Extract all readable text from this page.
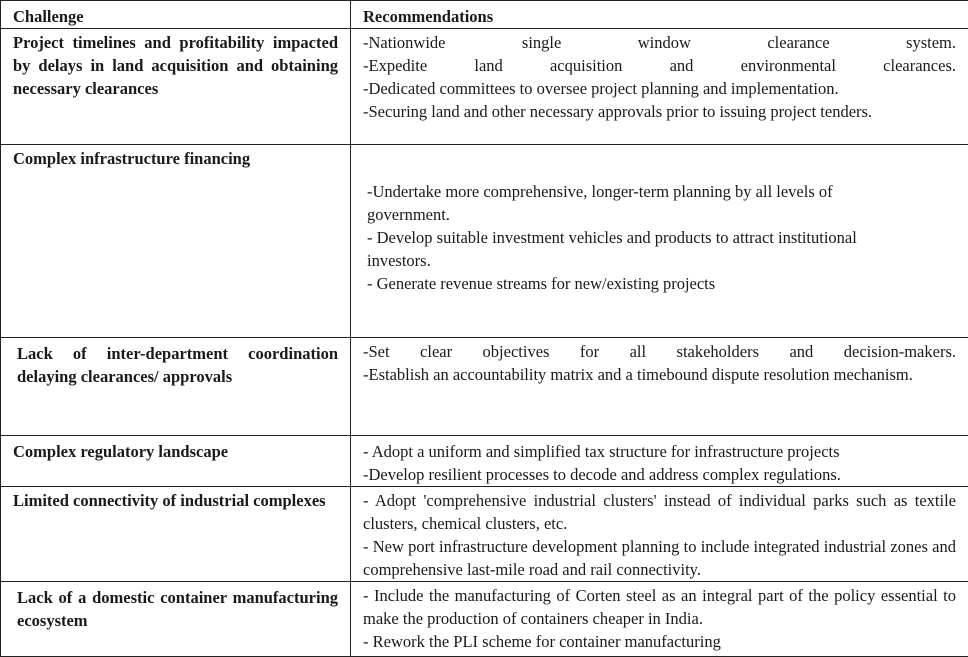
Challenge	Recommendations
Project timelines and profitability impacted by delays in land acquisition and obtaining necessary clearances	-Nationwide single window clearance system.
-Expedite land acquisition and environmental clearances.
-Dedicated committees to oversee project planning and implementation.
-Securing land and other necessary approvals prior to issuing project tenders.

Complex infrastructure financing	-Undertake more comprehensive, longer-term planning by all levels of government.
- Develop suitable investment vehicles and products to attract institutional investors.
- Generate revenue streams for new/existing projects

Lack of inter-department coordination delaying clearances/ approvals	-Set clear objectives for all stakeholders and decision-makers.
-Establish an accountability matrix and a timebound dispute resolution mechanism.

Complex regulatory landscape	- Adopt a uniform and simplified tax structure for infrastructure projects
-Develop resilient processes to decode and address complex regulations.

Limited connectivity of industrial complexes	- Adopt 'comprehensive industrial clusters' instead of individual parks such as textile clusters, chemical clusters, etc.
- New port infrastructure development planning to include integrated industrial zones and comprehensive last-mile road and rail connectivity.

Lack of a domestic container manufacturing ecosystem	- Include the manufacturing of Corten steel as an integral part of the policy essential to make the production of containers cheaper in India.
- Rework the PLI scheme for container manufacturing
